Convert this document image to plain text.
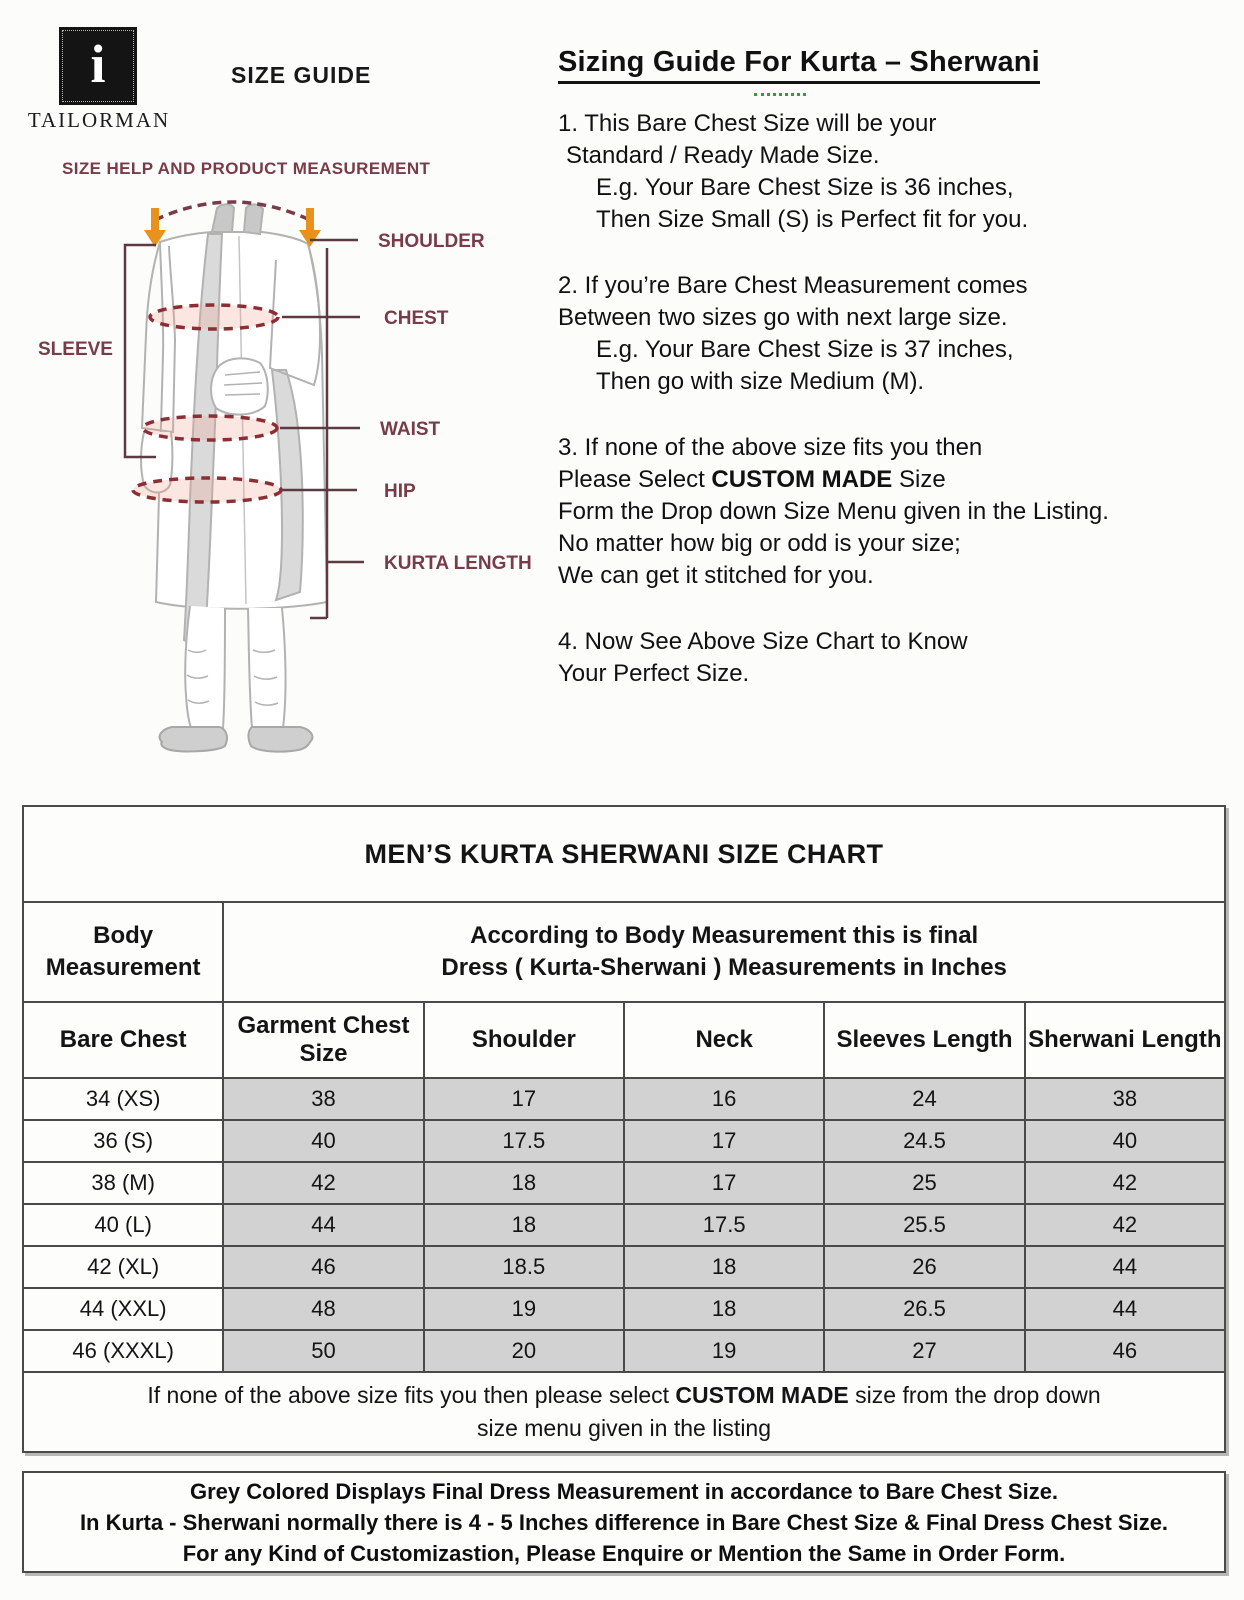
i
TAILORMAN
SIZE GUIDE
SIZE HELP AND PRODUCT MEASUREMENT
SLEEVE
SHOULDER
CHEST
WAIST
HIP
KURTA LENGTH
Sizing Guide For Kurta – Sherwani
1. This Bare Chest Size will be your
Standard / Ready Made Size.
E.g. Your Bare Chest Size is 36 inches,
Then Size Small (S) is Perfect fit for you.
2. If you’re Bare Chest Measurement comes
Between two sizes go with next large size.
E.g. Your Bare Chest Size is 37 inches,
Then go with size Medium (M).
3. If none of the above size fits you then
Please Select CUSTOM MADE Size
Form the Drop down Size Menu given in the Listing.
No matter how big or odd is your size;
We can get it stitched for you.
4. Now See Above Size Chart to Know
Your Perfect Size.
MEN’S KURTA SHERWANI SIZE CHART					
Body Measurement	According to Body Measurement this is final
Dress ( Kurta-Sherwani ) Measurements in Inches				

Bare Chest	Garment Chest Size	Shoulder	Neck	Sleeves Length	Sherwani Length
34 (XS)	38	17	16	24	38
36 (S)	40	17.5	17	24.5	40
38 (M)	42	18	17	25	42
40 (L)	44	18	17.5	25.5	42
42 (XL)	46	18.5	18	26	44
44 (XXL)	48	19	18	26.5	44
46 (XXXL)	50	20	19	27	46

If none of the above size fits you then please select CUSTOM MADE size from the drop down
size menu given in the listing					
Grey Colored Displays Final Dress Measurement in accordance to Bare Chest Size.
In Kurta - Sherwani normally there is 4 - 5 Inches difference in Bare Chest Size & Final Dress Chest Size.
For any Kind of Customizastion, Please Enquire or Mention the Same in Order Form.
